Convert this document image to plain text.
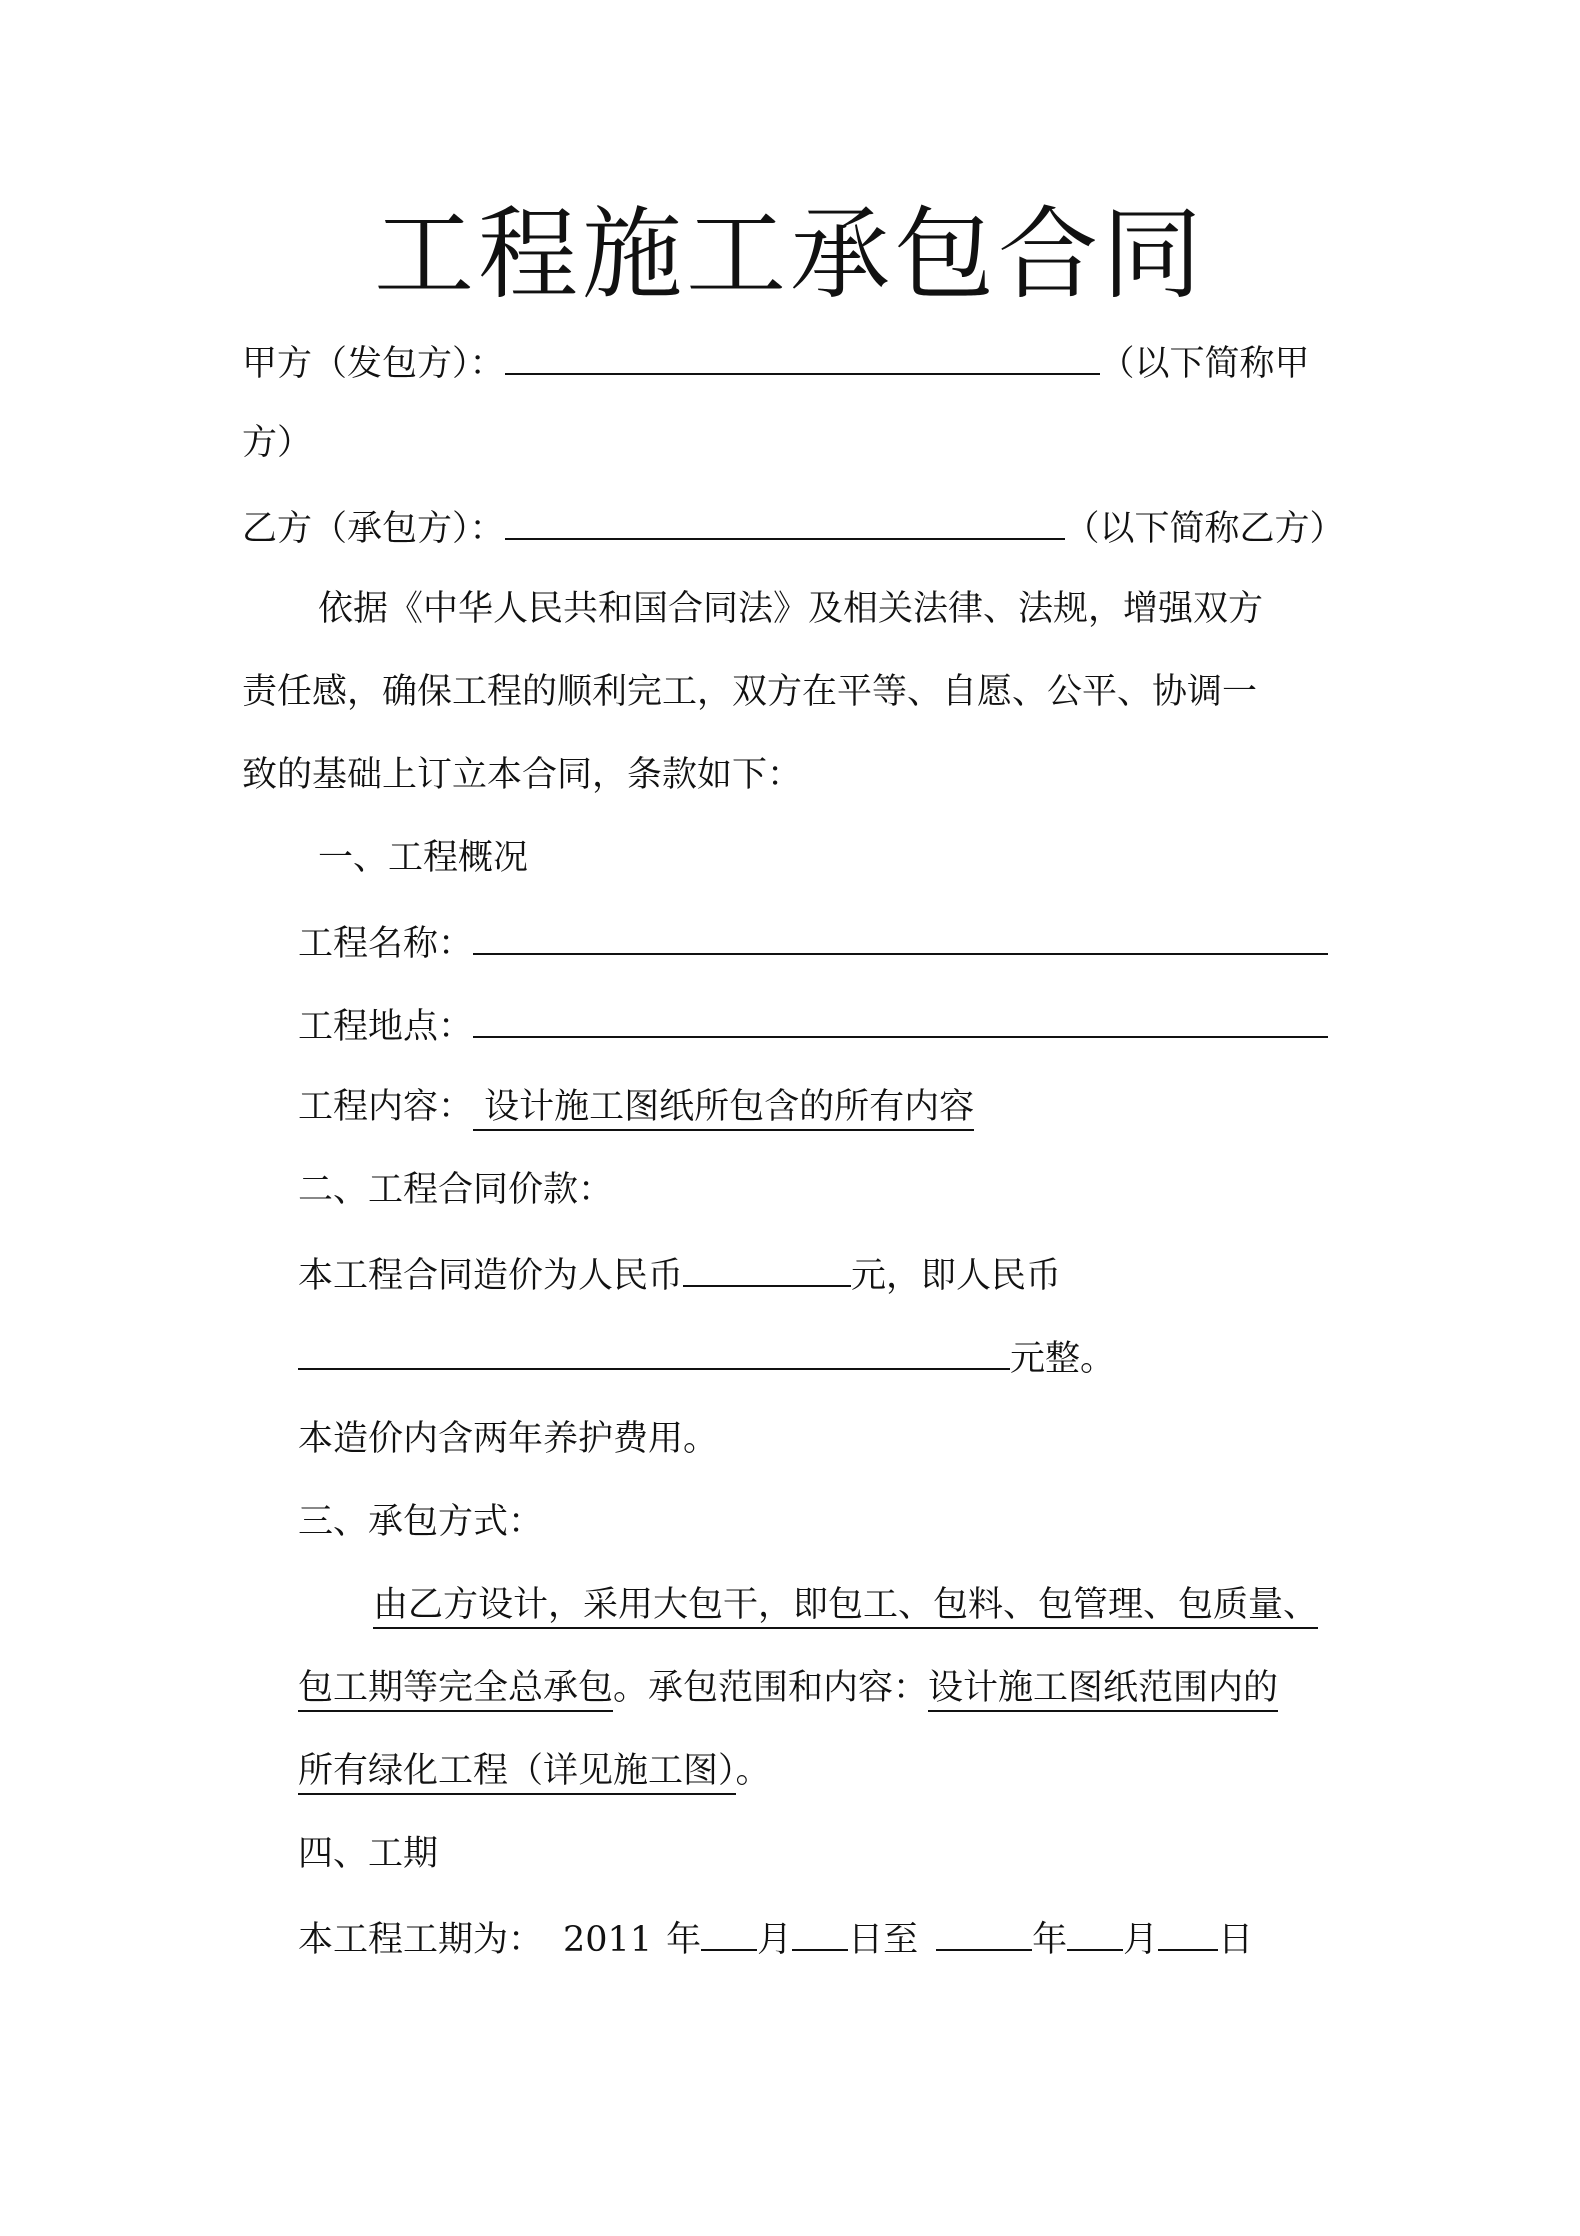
工程施工承包合同
甲方（发包方）：	（以下简称甲
方）
乙方（承包方）：	（以下简称乙方）
依据《中华人民共和国合同法》及相关法律、法规，增强双方
责任感，确保工程的顺利完工，双方在平等、自愿、公平、协调一
致的基础上订立本合同，条款如下：
一、工程概况
工程名称：
工程地点：
工程内容： 设计施工图纸所包含的所有内容
二、工程合同价款：
本工程合同造价为人民币	元，即人民币
元整。
本造价内含两年养护费用。
三、承包方式：
由乙方设计，采用大包干，即包工、包料、包管理、包质量、
包工期等完全总承包。承包范围和内容：设计施工图纸范围内的
所有绿化工程（详见施工图）。
四、工期
本工程工期为： 2011 年 月 日至	年 月 日
